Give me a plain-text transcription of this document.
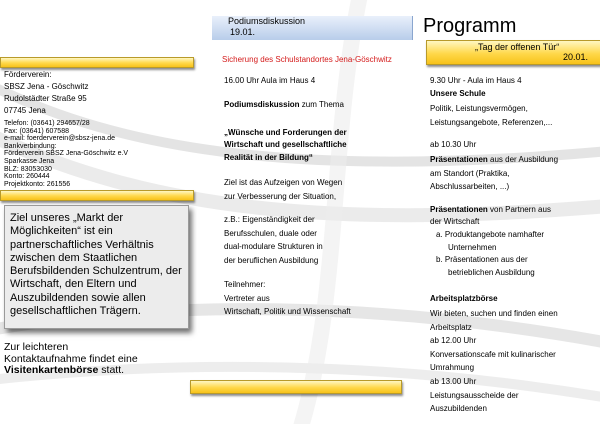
Podiumsdiskussion
19.01.	Programm
„Tag der offenen Tür“
20.01.
Sicherung des Schulstandortes Jena-Göschwitz
Förderverein:
SBSZ Jena - Göschwitz
Rudolstädter Straße 95
07745 Jena
Telefon: (03641) 294657/28
Fax: (03641) 607588
e-mail: foerderverein@sbsz-jena.de
Bankverbindung:
Förderverein SBSZ Jena-Göschwitz e.V
Sparkasse Jena
BLZ: 83053030
Konto: 260444
Projektkonto: 261556
Ziel unseres „Markt der Möglichkeiten“ ist ein partnerschaftliches Verhältnis zwischen dem Staatlichen Berufsbildenden Schulzentrum, der Wirtschaft, den Eltern und Auszubildenden sowie allen gesellschaftlichen Trägern.
Zur leichteren
Kontaktaufnahme findet eine
Visitenkartenbörse statt.
16.00 Uhr Aula im Haus 4
Podiumsdiskussion zum Thema
„Wünsche und Forderungen der
Wirtschaft und gesellschaftliche
Realität in der Bildung“
Ziel ist das Aufzeigen von Wegen
zur Verbesserung der Situation,
z.B.: Eigenständigkeit der
Berufsschulen, duale oder
dual-modulare Strukturen in
der beruflichen Ausbildung
Teilnehmer:
Vertreter aus
Wirtschaft, Politik und Wissenschaft
9.30 Uhr - Aula im Haus 4
Unsere Schule
Politik, Leistungsvermögen,
Leistungsangebote, Referenzen,...
ab 10.30 Uhr
Präsentationen aus der Ausbildung
am Standort (Praktika,
Abschlussarbeiten, ...)
Präsentationen von Partnern aus
der Wirtschaft
a. Produktangebote namhafter
Unternehmen
b. Präsentationen aus der
betrieblichen Ausbildung
Arbeitsplatzbörse
Wir bieten, suchen und finden einen
Arbeitsplatz
ab 12.00 Uhr
Konversationscafe mit kulinarischer
Umrahmung
ab 13.00 Uhr
Leistungsausscheide der
Auszubildenden
